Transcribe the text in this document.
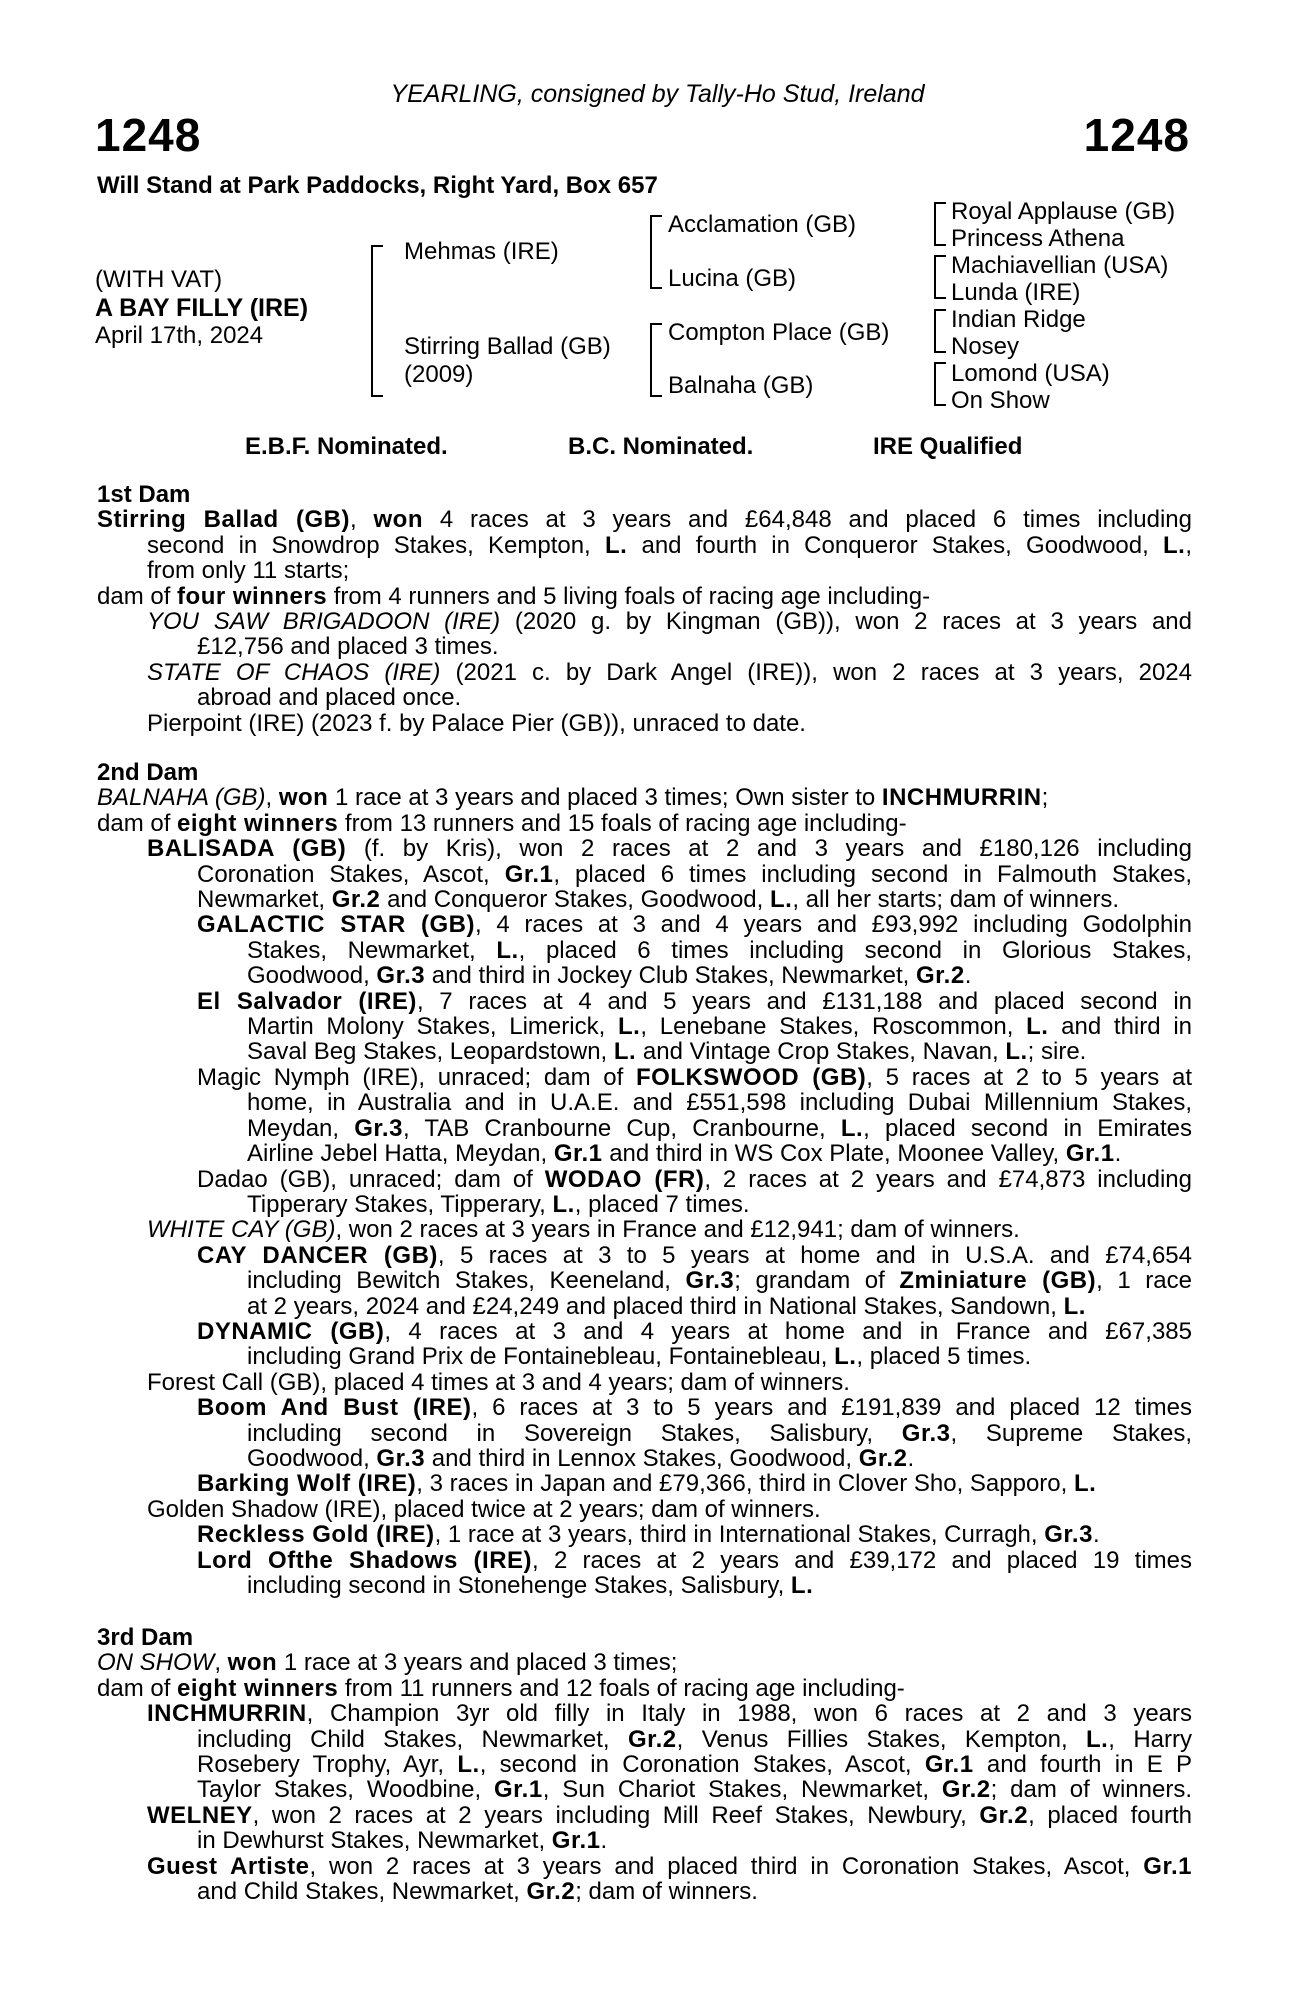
YEARLING, consigned by Tally-Ho Stud, Ireland
1248	1248
Will Stand at Park Paddocks, Right Yard, Box 657
(WITH VAT)
A BAY FILLY (IRE)
April 17th, 2024
Mehmas (IRE)
Stirring Ballad (GB)
(2009)
Acclamation (GB)
Lucina (GB)
Compton Place (GB)
Balnaha (GB)
Royal Applause (GB)
Princess Athena
Machiavellian (USA)
Lunda (IRE)
Indian Ridge
Nosey
Lomond (USA)
On Show
E.B.F. Nominated.	B.C. Nominated.	IRE Qualified
1st Dam
Stirring Ballad (GB), won 4 races at 3 years and £64,848 and placed 6 times including
second in Snowdrop Stakes, Kempton, L. and fourth in Conqueror Stakes, Goodwood, L.,
from only 11 starts;
dam of four winners from 4 runners and 5 living foals of racing age including-
YOU SAW BRIGADOON (IRE) (2020 g. by Kingman (GB)), won 2 races at 3 years and
£12,756 and placed 3 times.
STATE OF CHAOS (IRE) (2021 c. by Dark Angel (IRE)), won 2 races at 3 years, 2024
abroad and placed once.
Pierpoint (IRE) (2023 f. by Palace Pier (GB)), unraced to date.
2nd Dam
BALNAHA (GB), won 1 race at 3 years and placed 3 times; Own sister to INCHMURRIN;
dam of eight winners from 13 runners and 15 foals of racing age including-
BALISADA (GB) (f. by Kris), won 2 races at 2 and 3 years and £180,126 including
Coronation Stakes, Ascot, Gr.1, placed 6 times including second in Falmouth Stakes,
Newmarket, Gr.2 and Conqueror Stakes, Goodwood, L., all her starts; dam of winners.
GALACTIC STAR (GB), 4 races at 3 and 4 years and £93,992 including Godolphin
Stakes, Newmarket, L., placed 6 times including second in Glorious Stakes,
Goodwood, Gr.3 and third in Jockey Club Stakes, Newmarket, Gr.2.
El Salvador (IRE), 7 races at 4 and 5 years and £131,188 and placed second in
Martin Molony Stakes, Limerick, L., Lenebane Stakes, Roscommon, L. and third in
Saval Beg Stakes, Leopardstown, L. and Vintage Crop Stakes, Navan, L.; sire.
Magic Nymph (IRE), unraced; dam of FOLKSWOOD (GB), 5 races at 2 to 5 years at
home, in Australia and in U.A.E. and £551,598 including Dubai Millennium Stakes,
Meydan, Gr.3, TAB Cranbourne Cup, Cranbourne, L., placed second in Emirates
Airline Jebel Hatta, Meydan, Gr.1 and third in WS Cox Plate, Moonee Valley, Gr.1.
Dadao (GB), unraced; dam of WODAO (FR), 2 races at 2 years and £74,873 including
Tipperary Stakes, Tipperary, L., placed 7 times.
WHITE CAY (GB), won 2 races at 3 years in France and £12,941; dam of winners.
CAY DANCER (GB), 5 races at 3 to 5 years at home and in U.S.A. and £74,654
including Bewitch Stakes, Keeneland, Gr.3; grandam of Zminiature (GB), 1 race
at 2 years, 2024 and £24,249 and placed third in National Stakes, Sandown, L.
DYNAMIC (GB), 4 races at 3 and 4 years at home and in France and £67,385
including Grand Prix de Fontainebleau, Fontainebleau, L., placed 5 times.
Forest Call (GB), placed 4 times at 3 and 4 years; dam of winners.
Boom And Bust (IRE), 6 races at 3 to 5 years and £191,839 and placed 12 times
including second in Sovereign Stakes, Salisbury, Gr.3, Supreme Stakes,
Goodwood, Gr.3 and third in Lennox Stakes, Goodwood, Gr.2.
Barking Wolf (IRE), 3 races in Japan and £79,366, third in Clover Sho, Sapporo, L.
Golden Shadow (IRE), placed twice at 2 years; dam of winners.
Reckless Gold (IRE), 1 race at 3 years, third in International Stakes, Curragh, Gr.3.
Lord Ofthe Shadows (IRE), 2 races at 2 years and £39,172 and placed 19 times
including second in Stonehenge Stakes, Salisbury, L.
3rd Dam
ON SHOW, won 1 race at 3 years and placed 3 times;
dam of eight winners from 11 runners and 12 foals of racing age including-
INCHMURRIN, Champion 3yr old filly in Italy in 1988, won 6 races at 2 and 3 years
including Child Stakes, Newmarket, Gr.2, Venus Fillies Stakes, Kempton, L., Harry
Rosebery Trophy, Ayr, L., second in Coronation Stakes, Ascot, Gr.1 and fourth in E P
Taylor Stakes, Woodbine, Gr.1, Sun Chariot Stakes, Newmarket, Gr.2; dam of winners.
WELNEY, won 2 races at 2 years including Mill Reef Stakes, Newbury, Gr.2, placed fourth
in Dewhurst Stakes, Newmarket, Gr.1.
Guest Artiste, won 2 races at 3 years and placed third in Coronation Stakes, Ascot, Gr.1
and Child Stakes, Newmarket, Gr.2; dam of winners.
